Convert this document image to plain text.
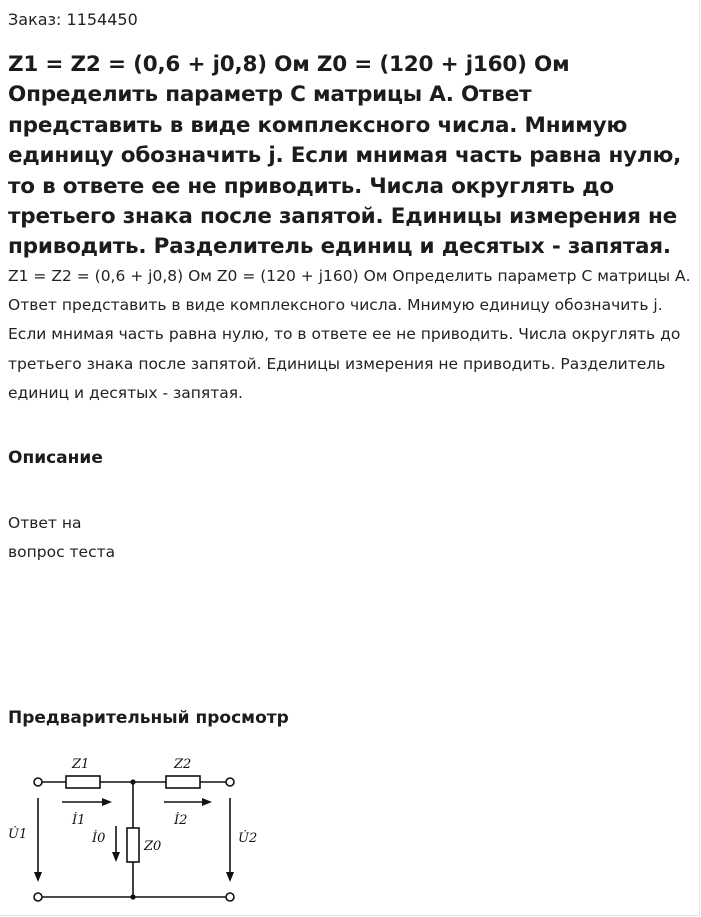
Заказ: 1154450
Z1 = Z2 = (0,6 + j0,8) Ом Z0 = (120 + j160) Ом Определить параметр С матрицы А. Ответ представить в виде комплексного числа. Мнимую единицу обозначить j. Если мнимая часть равна нулю, то в ответе ее не приводить. Числа округлять до третьего знака после запятой. Единицы измерения не приводить. Разделитель единиц и десятых - запятая.

Z1 = Z2 = (0,6 + j0,8) Ом Z0 = (120 + j160) Ом Определить параметр С матрицы А. Ответ представить в виде комплексного числа. Мнимую единицу обозначить j. Если мнимая часть равна нулю, то в ответе ее не приводить. Числа округлять до третьего знака после запятой. Единицы измерения не приводить. Разделитель единиц и десятых - запятая.

Описание
Ответ на
вопрос теста
Предварительный просмотр
Z1	Z2
Z0
İ1	İ2
İ0
U̇1	U̇2
